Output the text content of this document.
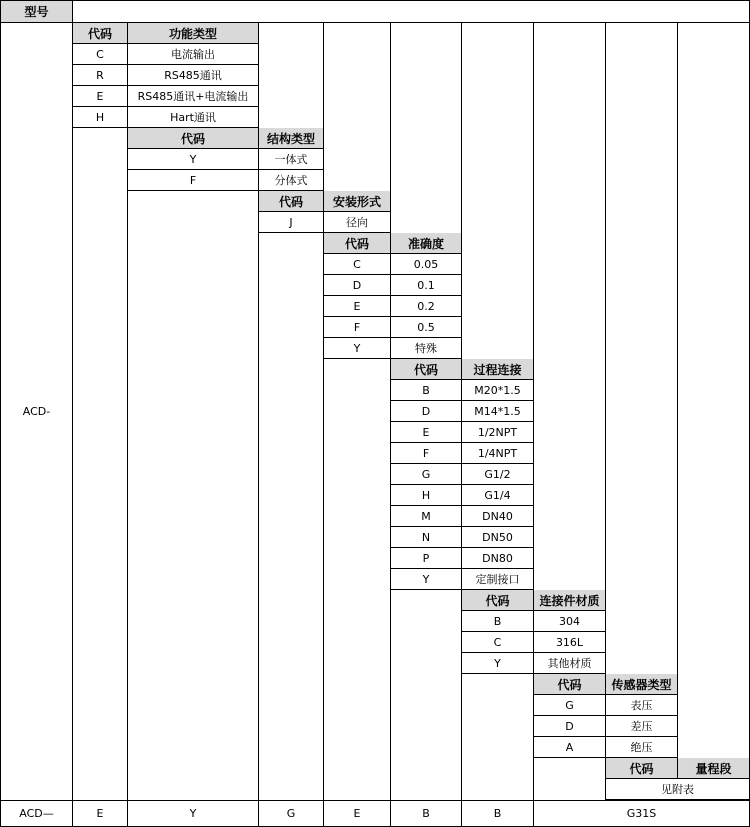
型号
代码	功能类型
C	电流输出
R	RS485通讯
E	RS485通讯+电流输出
H	Hart通讯
代码	结构类型
Y	一体式
F	分体式
代码	安装形式
J	径向
代码	准确度
C	0.05
D	0.1
E	0.2
F	0.5
Y	特殊
代码	过程连接
B	M20*1.5
D	M14*1.5
E	1/2NPT
F	1/4NPT
G	G1/2
H	G1/4
M	DN40
N	DN50
P	DN80
Y	定制接口
代码	连接件材质
B	304
C	316L
Y	其他材质
代码	传感器类型
G	表压
D	差压
A	绝压
代码	量程段
见附表
ACD-
ACD—	E	Y	G	E	B	B	G31S
